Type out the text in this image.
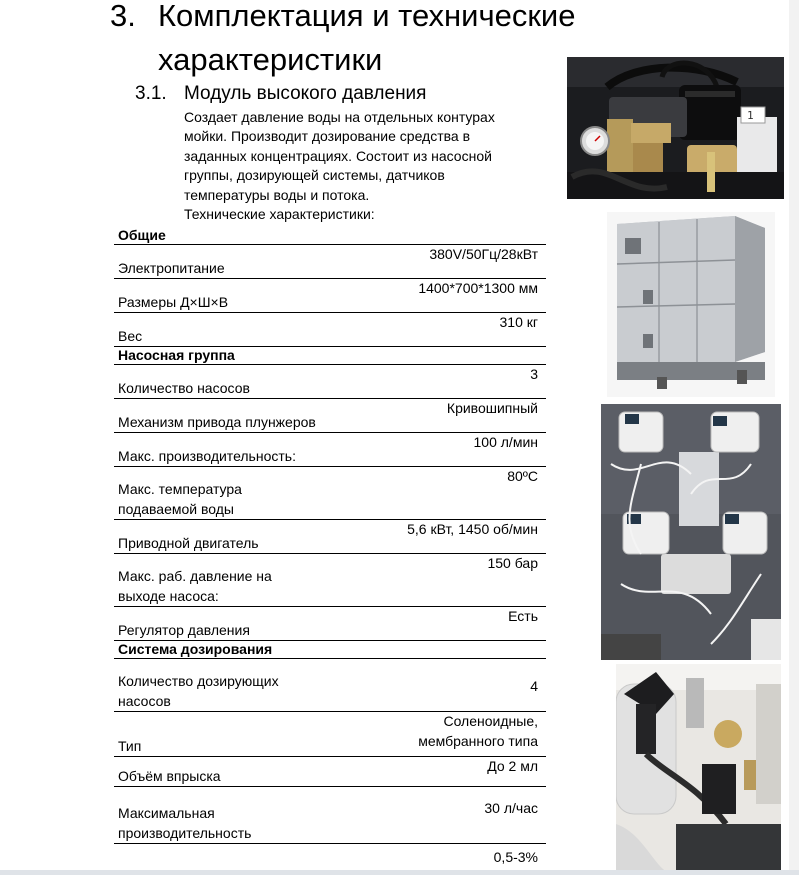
3. Комплектация и технические
характеристики
3.1. Модуль высокого давления

Создает давление воды на отдельных контурах

мойки. Производит дозирование средства в

заданных концентрациях. Состоит из насосной

группы, дозирующей системы, датчиков

температуры воды и потока.

Технические характеристики:

Общие
Электропитание
380V/50Гц/28кВт
Размеры Д×Ш×В
1400*700*1300 мм
Вес
310 кг
Насосная группа
Количество насосов
3
Механизм привода плунжеров
Кривошипный
Макс. производительность:
100 л/мин
Макс. температура
подаваемой воды
80ºC
Приводной двигатель
5,6 кВт, 1450 об/мин
Макс. раб. давление на
выходе насоса:
150 бар
Регулятор давления
Есть
Система дозирования
Количество дозирующих
насосов
4
Тип
Соленоидные,
мембранного типа
Объём впрыска
До 2 мл
Максимальная
производительность
30 л/час
0,5-3%
1
